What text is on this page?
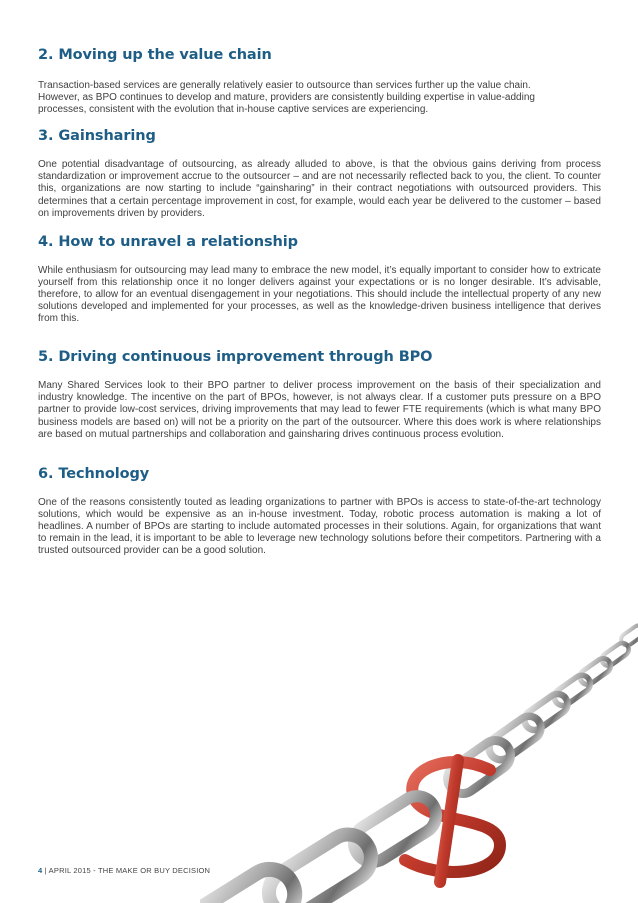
2. Moving up the value chain

Transaction-based services are generally relatively easier to outsource than services further up the value chain. However, as BPO continues to develop and mature, providers are consistently building expertise in value-adding processes, consistent with the evolution that in-house captive services are experiencing.

3. Gainsharing

One potential disadvantage of outsourcing, as already alluded to above, is that the obvious gains deriving from process standardization or improvement accrue to the outsourcer – and are not necessarily reflected back to you, the client. To counter this, organizations are now starting to include “gainsharing” in their contract negotiations with outsourced providers. This determines that a certain percentage improvement in cost, for example, would each year be delivered to the customer – based on improvements driven by providers.

4. How to unravel a relationship

While enthusiasm for outsourcing may lead many to embrace the new model, it’s equally important to consider how to extricate yourself from this relationship once it no longer delivers against your expectations or is no longer desirable. It’s advisable, therefore, to allow for an eventual disengagement in your negotiations. This should include the intellectual property of any new solutions developed and implemented for your processes, as well as the knowledge-driven business intelligence that derives from this.

5. Driving continuous improvement through BPO

Many Shared Services look to their BPO partner to deliver process improvement on the basis of their specialization and industry knowledge. The incentive on the part of BPOs, however, is not always clear. If a customer puts pressure on a BPO partner to provide low-cost services, driving improvements that may lead to fewer FTE requirements (which is what many BPO business models are based on) will not be a priority on the part of the outsourcer. Where this does work is where relationships are based on mutual partnerships and collaboration and gainsharing drives continuous process evolution.

6. Technology

One of the reasons consistently touted as leading organizations to partner with BPOs is access to state-of-the-art technology solutions, which would be expensive as an in-house investment. Today, robotic process automation is making a lot of headlines. A number of BPOs are starting to include automated processes in their solutions. Again, for organizations that want to remain in the lead, it is important to be able to leverage new technology solutions before their competitors. Partnering with a trusted outsourced provider can be a good solution.

4 | APRIL 2015 - THE MAKE OR BUY DECISION
